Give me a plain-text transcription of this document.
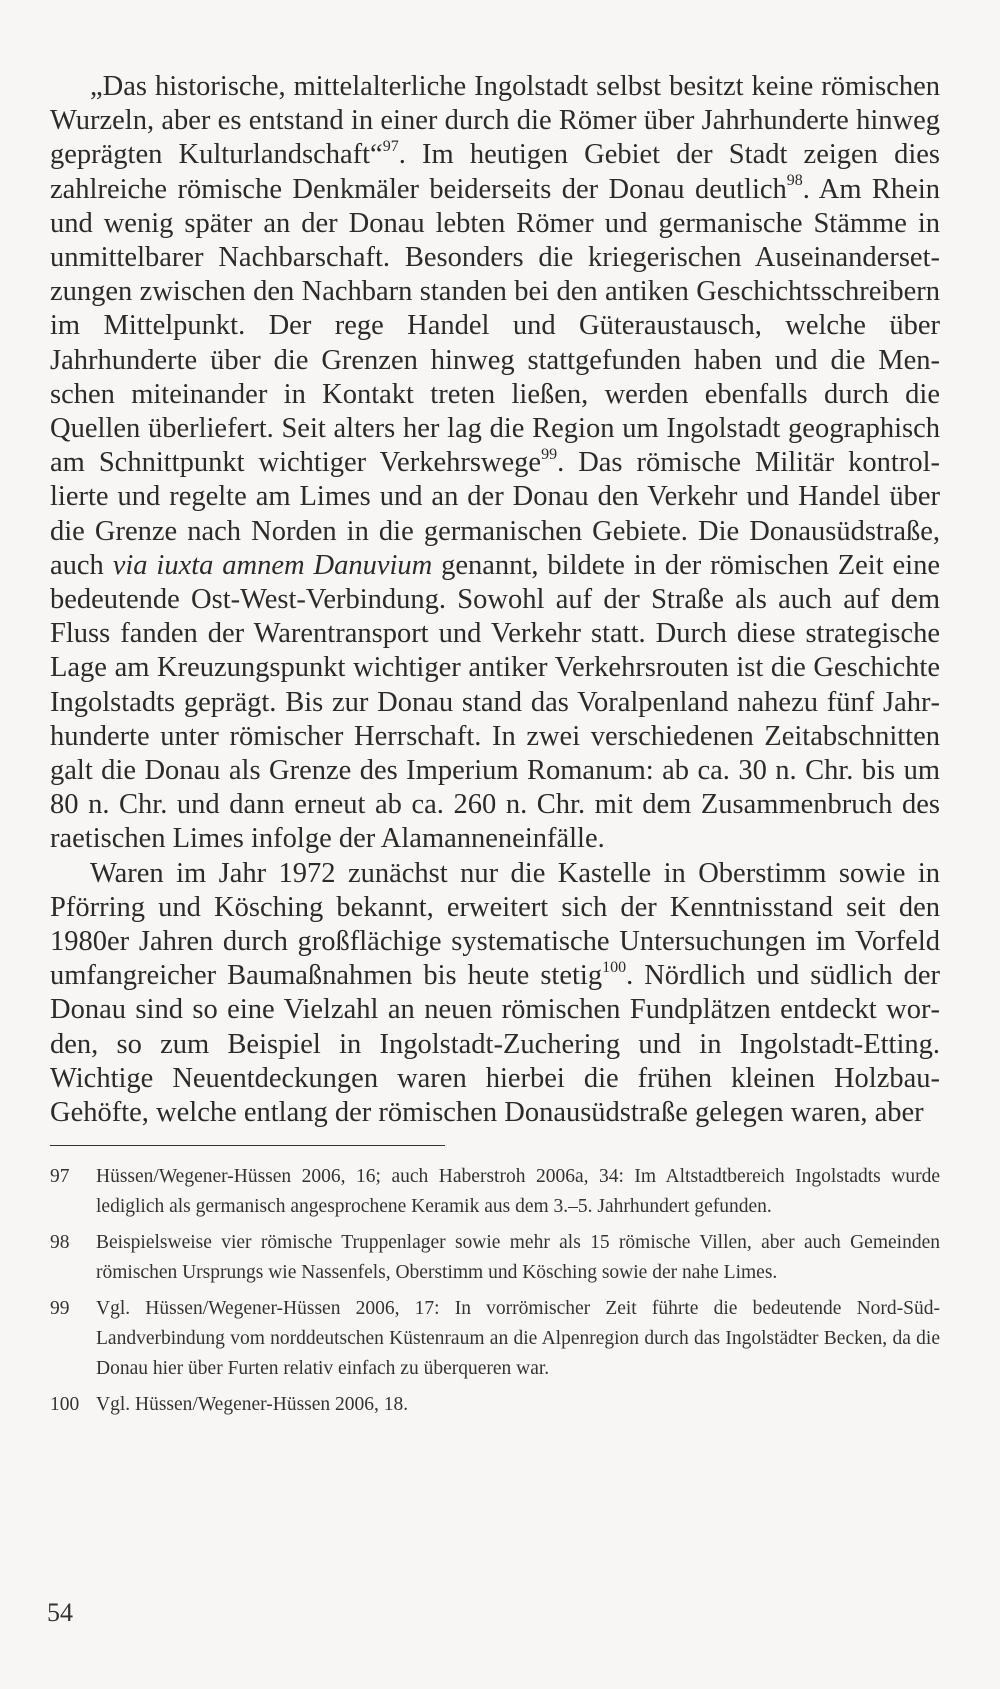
„Das historische, mittelalterliche Ingolstadt selbst besitzt keine römischen Wurzeln, aber es entstand in einer durch die Römer über Jahrhunderte hinweg geprägten Kulturlandschaft“$^{97}$. Im heutigen Gebiet der Stadt zeigen dies zahlreiche römische Denkmäler beiderseits der Donau deutlich$^{98}$. Am Rhein und wenig später an der Donau lebten Römer und germanische Stämme in unmittelbarer Nachbarschaft. Besonders die kriegerischen Auseinandersetzungen zwischen den Nachbarn standen bei den antiken Geschichtsschreibern im Mittelpunkt. Der rege Handel und Güteraustausch, welche über Jahrhunderte über die Grenzen hinweg stattgefunden haben und die Menschen miteinander in Kontakt treten ließen, werden ebenfalls durch die Quellen überliefert. Seit alters her lag die Region um Ingolstadt geographisch am Schnittpunkt wichtiger Verkehrswege$^{99}$. Das römische Militär kontrollierte und regelte am Limes und an der Donau den Verkehr und Handel über die Grenze nach Norden in die germanischen Gebiete. Die Donausüdstraße, auch via iuxta amnem Danuvium genannt, bildete in der römischen Zeit eine bedeutende Ost-West-Verbindung. Sowohl auf der Straße als auch auf dem Fluss fanden der Warentransport und Verkehr statt. Durch diese strategische Lage am Kreuzungspunkt wichtiger antiker Verkehrsrouten ist die Geschichte Ingolstadts geprägt. Bis zur Donau stand das Voralpenland nahezu fünf Jahrhunderte unter römischer Herrschaft. In zwei verschiedenen Zeitabschnitten galt die Donau als Grenze des Imperium Romanum: ab ca. 30 n. Chr. bis um 80 n. Chr. und dann erneut ab ca. 260 n. Chr. mit dem Zusammenbruch des raetischen Limes infolge der Alamanneneinfälle.

Waren im Jahr 1972 zunächst nur die Kastelle in Oberstimm sowie in Pförring und Kösching bekannt, erweitert sich der Kenntnisstand seit den 1980er Jahren durch großflächige systematische Untersuchungen im Vorfeld umfangreicher Baumaßnahmen bis heute stetig$^{100}$. Nördlich und südlich der Donau sind so eine Vielzahl an neuen römischen Fundplätzen entdeckt worden, so zum Beispiel in Ingolstadt-Zuchering und in Ingolstadt-Etting. Wichtige Neuentdeckungen waren hierbei die frühen kleinen Holzbau-Gehöfte, welche entlang der römischen Donausüdstraße gelegen waren, aber

97	Hüssen/Wegener-Hüssen 2006, 16; auch Haberstroh 2006a, 34: Im Altstadtbereich Ingolstadts wurde lediglich als germanisch angesprochene Keramik aus dem 3.–5. Jahrhundert gefunden.
98	Beispielsweise vier römische Truppenlager sowie mehr als 15 römische Villen, aber auch Gemeinden römischen Ursprungs wie Nassenfels, Oberstimm und Kösching sowie der nahe Limes.
99	Vgl. Hüssen/Wegener-Hüssen 2006, 17: In vorrömischer Zeit führte die bedeutende Nord-Süd-Landverbindung vom norddeutschen Küstenraum an die Alpenregion durch das Ingolstädter Becken, da die Donau hier über Furten relativ einfach zu überqueren war.
100 Vgl. Hüssen/Wegener-Hüssen 2006, 18.
54
